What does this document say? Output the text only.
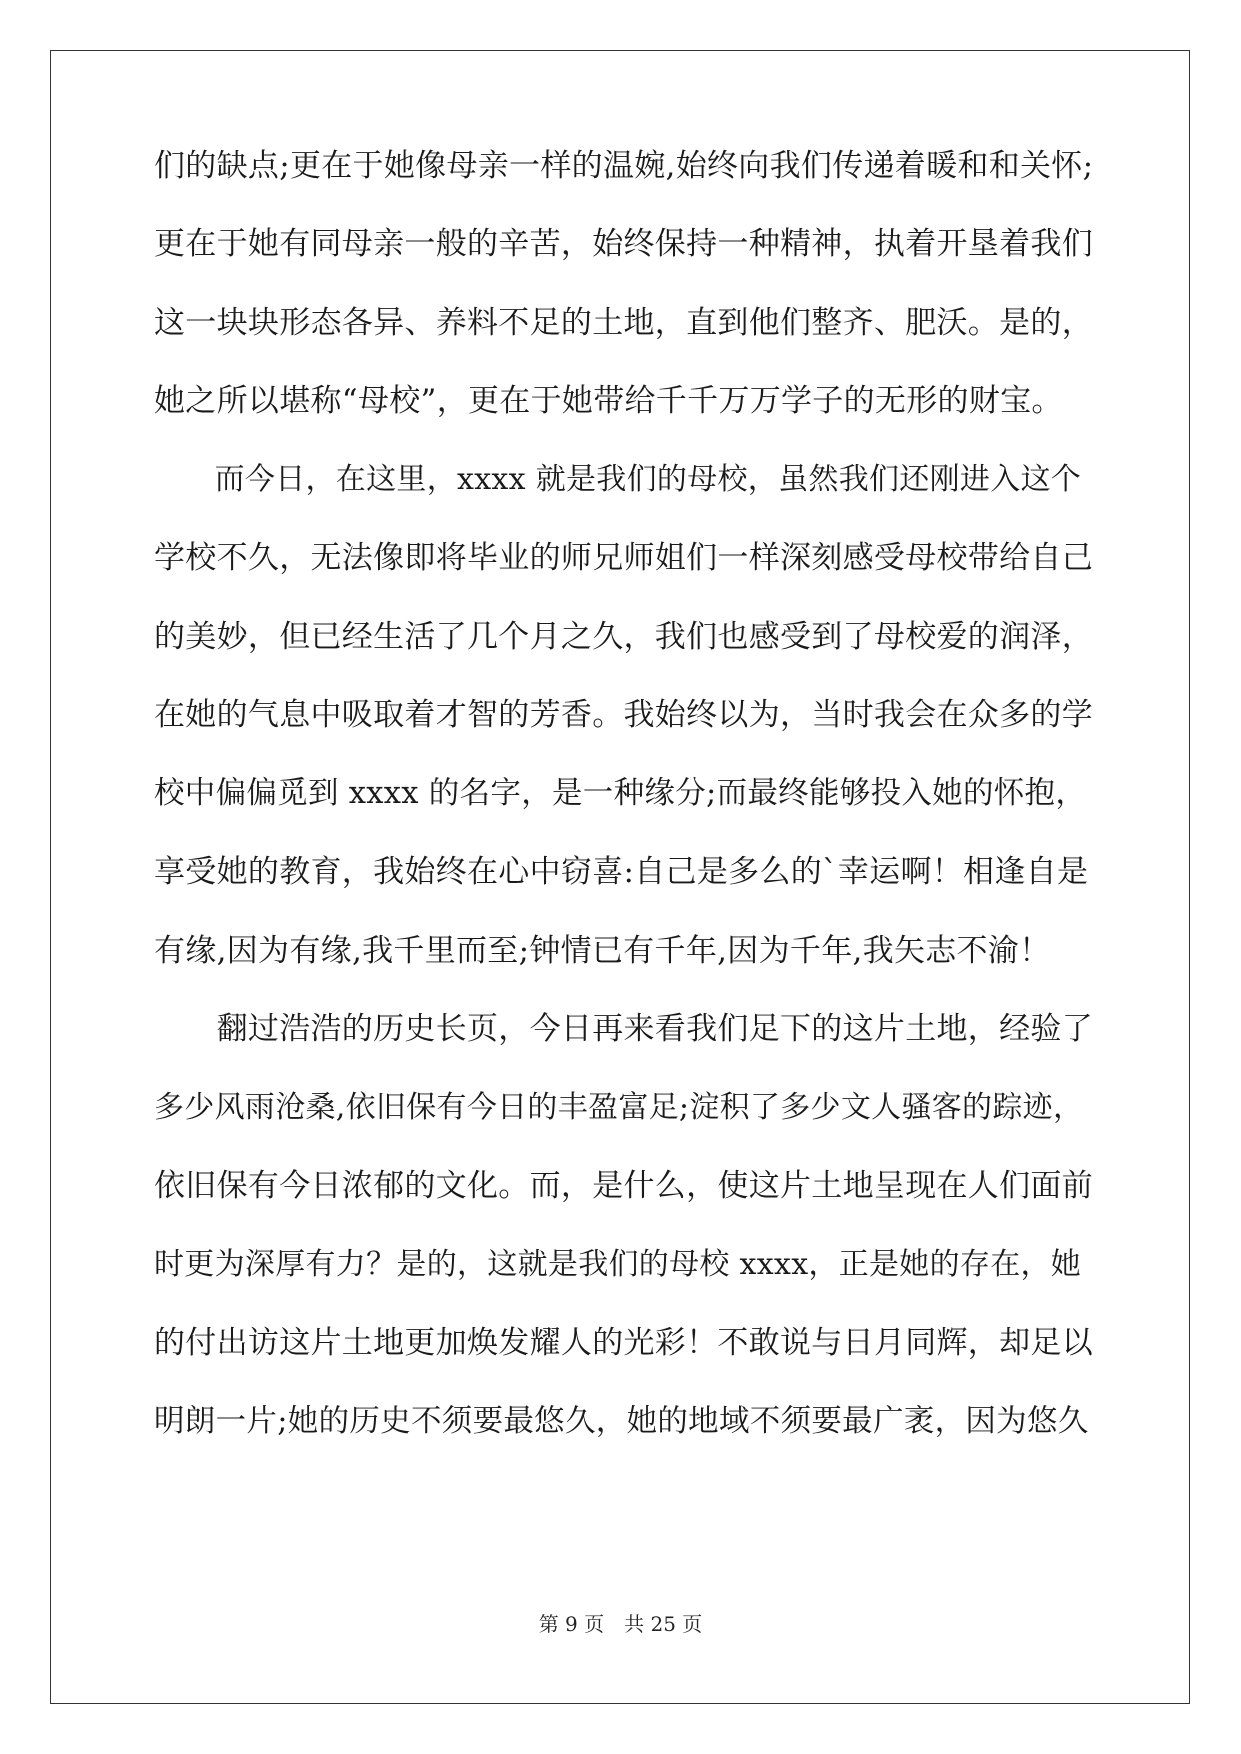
们的缺点;更在于她像母亲一样的温婉,始终向我们传递着暖和和关怀;
更在于她有同母亲一般的辛苦，始终保持一种精神，执着开垦着我们
这一块块形态各异、养料不足的土地，直到他们整齐、肥沃。是的，
她之所以堪称“母校”，更在于她带给千千万万学子的无形的财宝。
　　而今日，在这里，xxxx 就是我们的母校，虽然我们还刚进入这个
学校不久，无法像即将毕业的师兄师姐们一样深刻感受母校带给自己
的美妙，但已经生活了几个月之久，我们也感受到了母校爱的润泽，
在她的气息中吸取着才智的芳香。我始终以为，当时我会在众多的学
校中偏偏觅到 xxxx 的名字，是一种缘分;而最终能够投入她的怀抱，
享受她的教育，我始终在心中窃喜:自己是多么的`幸运啊！相逢自是
有缘,因为有缘,我千里而至;钟情已有千年,因为千年,我矢志不渝！
　　翻过浩浩的历史长页，今日再来看我们足下的这片土地，经验了
多少风雨沧桑,依旧保有今日的丰盈富足;淀积了多少文人骚客的踪迹，
依旧保有今日浓郁的文化。而，是什么，使这片土地呈现在人们面前
时更为深厚有力？是的，这就是我们的母校 xxxx，正是她的存在，她
的付出访这片土地更加焕发耀人的光彩！不敢说与日月同辉，却足以
明朗一片;她的历史不须要最悠久，她的地域不须要最广袤，因为悠久
第 9 页　共 25 页
